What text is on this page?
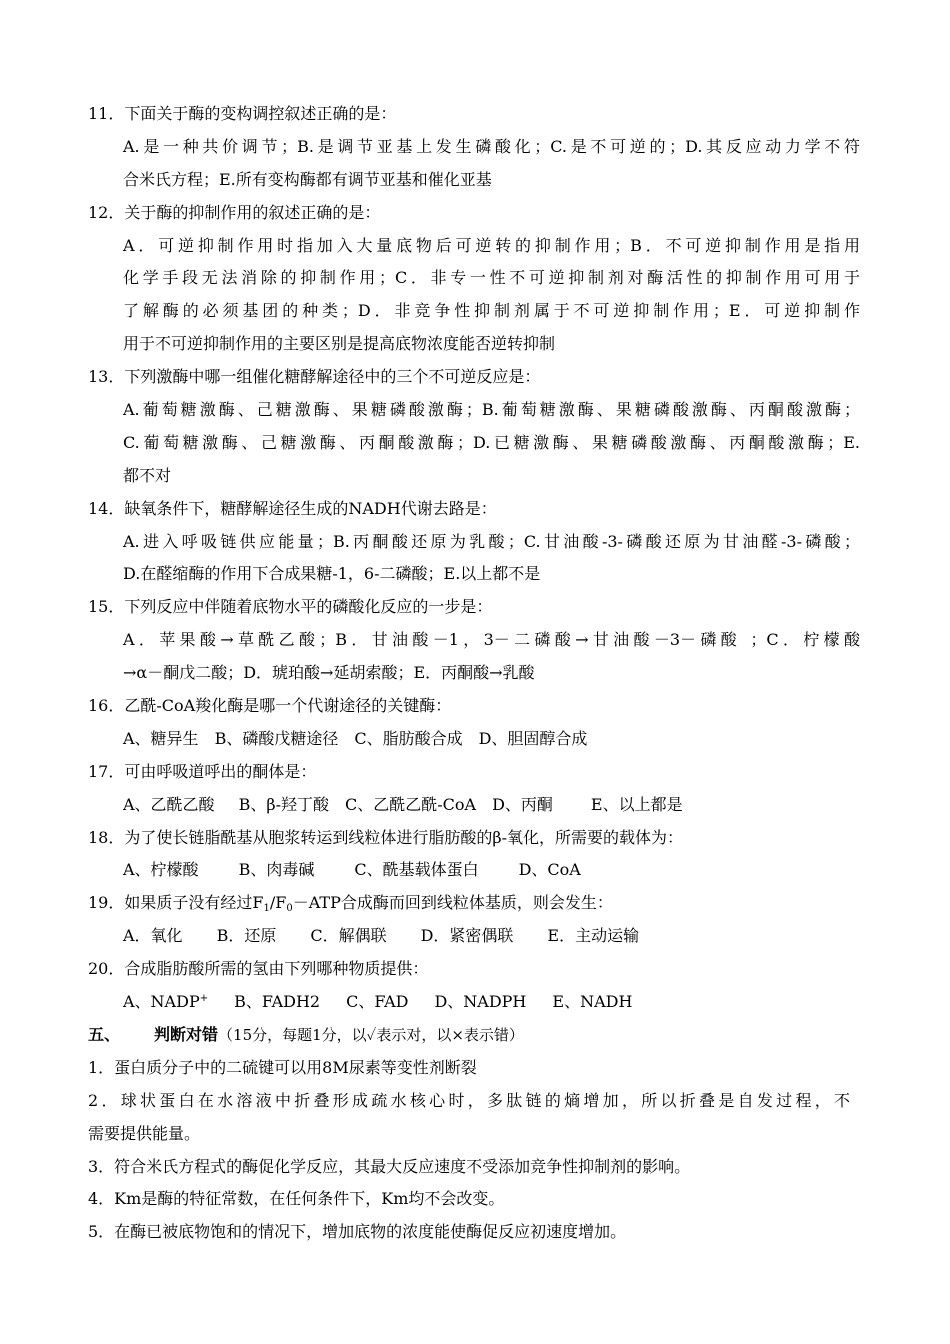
11．下面关于酶的变构调控叙述正确的是：
A.是一种共价调节；B.是调节亚基上发生磷酸化；C.是不可逆的；D.其反应动力学不符
合米氏方程；E.所有变构酶都有调节亚基和催化亚基
12．关于酶的抑制作用的叙述正确的是：
A．可逆抑制作用时指加入大量底物后可逆转的抑制作用；B．不可逆抑制作用是指用
化学手段无法消除的抑制作用；C．非专一性不可逆抑制剂对酶活性的抑制作用可用于
了解酶的必须基团的种类；D．非竞争性抑制剂属于不可逆抑制作用；E．可逆抑制作
用于不可逆抑制作用的主要区别是提高底物浓度能否逆转抑制
13．下列激酶中哪一组催化糖酵解途径中的三个不可逆反应是：
A.葡萄糖激酶、己糖激酶、果糖磷酸激酶；B.葡萄糖激酶、果糖磷酸激酶、丙酮酸激酶；
C.葡萄糖激酶、己糖激酶、丙酮酸激酶；D.已糖激酶、果糖磷酸激酶、丙酮酸激酶；E.
都不对
14．缺氧条件下，糖酵解途径生成的NADH代谢去路是：
A.进入呼吸链供应能量；B.丙酮酸还原为乳酸；C.甘油酸-3-磷酸还原为甘油醛-3-磷酸；
D.在醛缩酶的作用下合成果糖-1，6-二磷酸；E.以上都不是
15．下列反应中伴随着底物水平的磷酸化反应的一步是：
A．苹果酸→草酰乙酸；B．甘油酸－1，3－二磷酸→甘油酸－3－磷酸 ；C．柠檬酸
→α－酮戊二酸；D．琥珀酸→延胡索酸；E．丙酮酸→乳酸
16．乙酰-CoA羧化酶是哪一个代谢途径的关键酶：
A、糖异生 B、磷酸戊糖途径 C、脂肪酸合成 D、胆固醇合成
17．可由呼吸道呼出的酮体是：
A、乙酰乙酸 B、β-羟丁酸 C、乙酰乙酰-CoA D、丙酮 E、以上都是
18．为了使长链脂酰基从胞浆转运到线粒体进行脂肪酸的β-氧化，所需要的载体为：
A、柠檬酸	B、肉毒碱	C、酰基载体蛋白	D、CoA
19．如果质子没有经过$F_1/F_0-ATP$合成酶而回到线粒体基质，则会发生：
A．氧化 B．还原 C．解偶联 D．紧密偶联 E．主动运输
20．合成脂肪酸所需的氢由下列哪种物质提供：
A、NADP+ B、FADH2 C、FAD D、NADPH E、NADH
五、 判断对错（15分，每题1分，以✓表示对，以×表示错）
1．蛋白质分子中的二硫键可以用8M尿素等变性剂断裂
2．球状蛋白在水溶液中折叠形成疏水核心时，多肽链的熵增加，所以折叠是自发过程，不
需要提供能量。
3．符合米氏方程式的酶促化学反应，其最大反应速度不受添加竞争性抑制剂的影响。
4．Km是酶的特征常数，在任何条件下，Km均不会改变。
5．在酶已被底物饱和的情况下，增加底物的浓度能使酶促反应初速度增加。
